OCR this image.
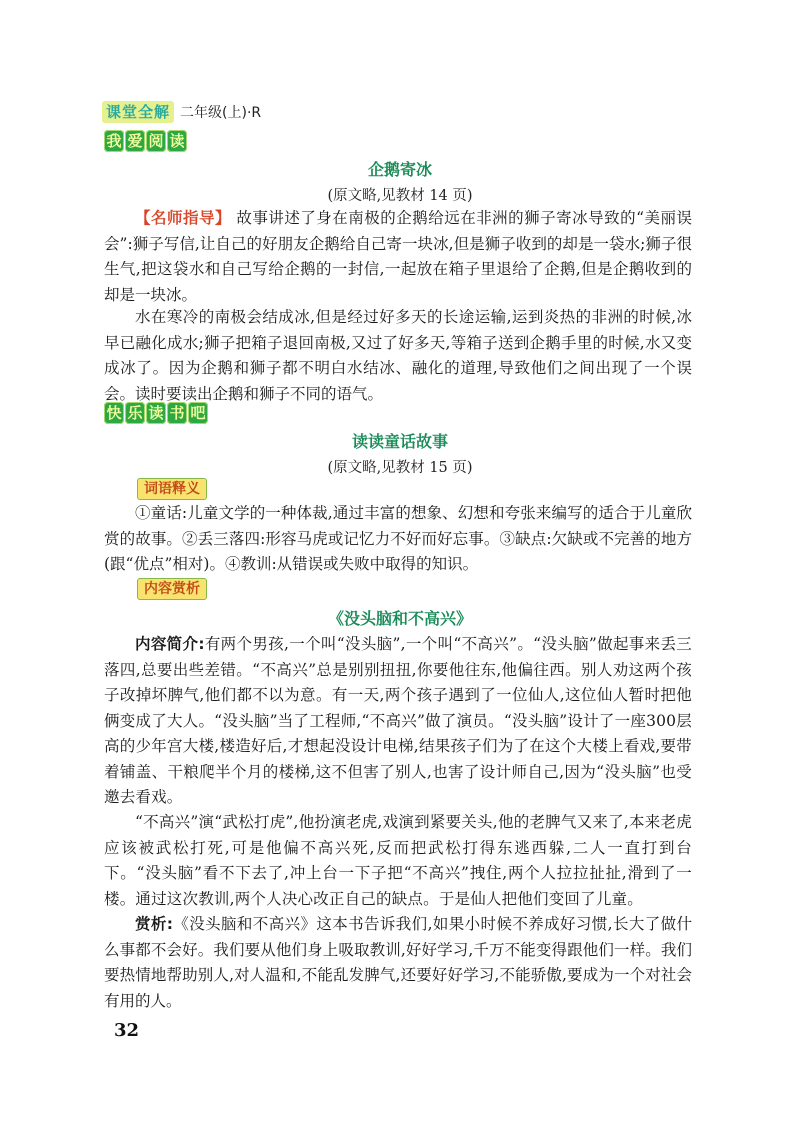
课堂全解 二年级(上)·R
我 爱 阅 读
企鹅寄冰
(原文略,见教材 14 页)

【名师指导】 故事讲述了身在南极的企鹅给远在非洲的狮子寄冰导致的“美丽误会”:狮子写信,让自己的好朋友企鹅给自己寄一块冰,但是狮子收到的却是一袋水;狮子很生气,把这袋水和自己写给企鹅的一封信,一起放在箱子里退给了企鹅,但是企鹅收到的却是一块冰。

水在寒冷的南极会结成冰,但是经过好多天的长途运输,运到炎热的非洲的时候,冰早已融化成水;狮子把箱子退回南极,又过了好多天,等箱子送到企鹅手里的时候,水又变成冰了。因为企鹅和狮子都不明白水结冰、融化的道理,导致他们之间出现了一个误会。读时要读出企鹅和狮子不同的语气。

快 乐 读 书 吧
读读童话故事
(原文略,见教材 15 页)
词语释义

①童话:儿童文学的一种体裁,通过丰富的想象、幻想和夸张来编写的适合于儿童欣赏的故事。②丢三落四:形容马虎或记忆力不好而好忘事。③缺点:欠缺或不完善的地方(跟“优点”相对)。④教训:从错误或失败中取得的知识。

内容赏析
《没头脑和不高兴》

内容简介:有两个男孩,一个叫“没头脑”,一个叫“不高兴”。“没头脑”做起事来丢三落四,总要出些差错。“不高兴”总是别别扭扭,你要他往东,他偏往西。别人劝这两个孩子改掉坏脾气,他们都不以为意。有一天,两个孩子遇到了一位仙人,这位仙人暂时把他俩变成了大人。“没头脑”当了工程师,“不高兴”做了演员。“没头脑”设计了一座300层高的少年宫大楼,楼造好后,才想起没设计电梯,结果孩子们为了在这个大楼上看戏,要带着铺盖、干粮爬半个月的楼梯,这不但害了别人,也害了设计师自己,因为“没头脑”也受邀去看戏。

“不高兴”演“武松打虎”,他扮演老虎,戏演到紧要关头,他的老脾气又来了,本来老虎应该被武松打死,可是他偏不高兴死,反而把武松打得东逃西躲,二人一直打到台下。“没头脑”看不下去了,冲上台一下子把“不高兴”拽住,两个人拉拉扯扯,滑到了一楼。通过这次教训,两个人决心改正自己的缺点。于是仙人把他们变回了儿童。

赏析:《没头脑和不高兴》这本书告诉我们,如果小时候不养成好习惯,长大了做什么事都不会好。我们要从他们身上吸取教训,好好学习,千万不能变得跟他们一样。我们要热情地帮助别人,对人温和,不能乱发脾气,还要好好学习,不能骄傲,要成为一个对社会有用的人。

32
